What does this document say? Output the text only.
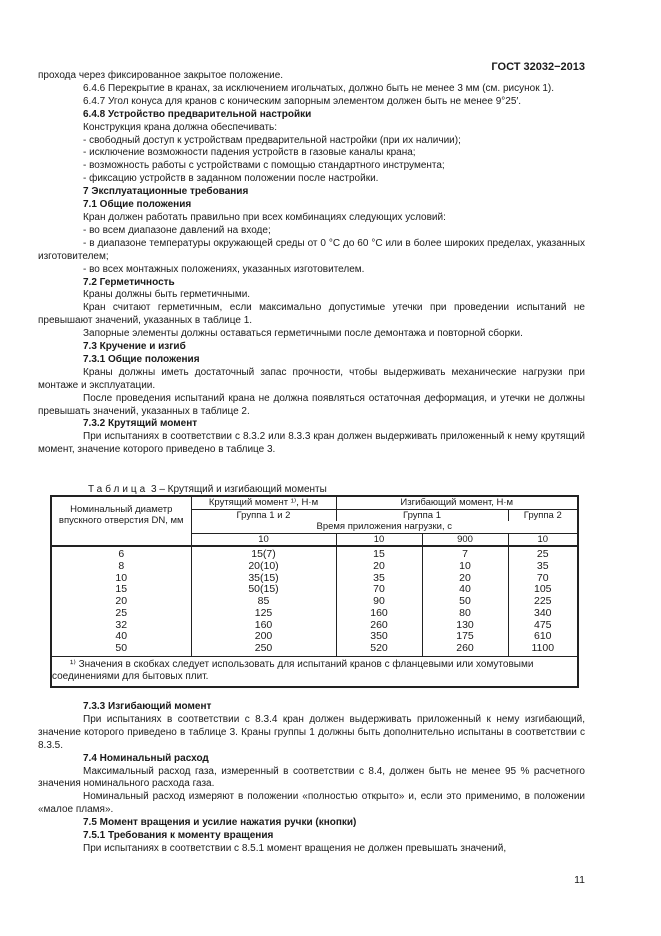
ГОСТ 32032−2013

прохода через фиксированное закрытое положение.

6.4.6 Перекрытие в кранах, за исключением игольчатых, должно быть не менее 3 мм (см. рисунок 1).

6.4.7 Угол конуса для кранов с коническим запорным элементом должен быть не менее 9°25′.

6.4.8 Устройство предварительной настройки

Конструкция крана должна обеспечивать:

- свободный доступ к устройствам предварительной настройки (при их наличии);

- исключение возможности падения устройств в газовые каналы крана;

- возможность работы с устройствами с помощью стандартного инструмента;

- фиксацию устройств в заданном положении после настройки.

7 Эксплуатационные требования

7.1 Общие положения

Кран должен работать правильно при всех комбинациях следующих условий:

- во всем диапазоне давлений на входе;

- в диапазоне температуры окружающей среды от 0 °С до 60 °С или в более широких пределах, указанных изготовителем;

- во всех монтажных положениях, указанных изготовителем.

7.2 Герметичность

Краны должны быть герметичными.

Кран считают герметичным, если максимально допустимые утечки при проведении испытаний не превышают значений, указанных в таблице 1.

Запорные элементы должны оставаться герметичными после демонтажа и повторной сборки.

7.3 Кручение и изгиб

7.3.1 Общие положения

Краны должны иметь достаточный запас прочности, чтобы выдерживать механические нагрузки при монтаже и эксплуатации.

После проведения испытаний крана не должна появляться остаточная деформация, и утечки не должны превышать значений, указанных в таблице 2.

7.3.2 Крутящий момент

При испытаниях в соответствии с 8.3.2 или 8.3.3 кран должен выдерживать приложенный к нему крутящий момент, значение которого приведено в таблице 3.

Таблица 3 – Крутящий и изгибающий моменты
Номинальный диаметр впускного отверстия DN, мм	Крутящий момент ¹⁾, Н·м	Изгибающий момент, Н·м		
	Группа 1 и 2	Группа 1		Группа 2
	Время приложения нагрузки, с			
	10	10	900	10
6	15(7)	15	7	25
8	20(10)	20	10	35
10	35(15)	35	20	70
15	50(15)	70	40	105
20	85	90	50	225
25	125	160	80	340
32	160	260	130	475
40	200	350	175	610
50	250	520	260	1100
¹⁾ Значения в скобках следует использовать для испытаний кранов с фланцевыми или хомутовыми соединениями для бытовых плит.				

7.3.3 Изгибающий момент

При испытаниях в соответствии с 8.3.4 кран должен выдерживать приложенный к нему изгибающий, значение которого приведено в таблице 3. Краны группы 1 должны быть дополнительно испытаны в соответствии с 8.3.5.

7.4 Номинальный расход

Максимальный расход газа, измеренный в соответствии с 8.4, должен быть не менее 95 % расчетного значения номинального расхода газа.

Номинальный расход измеряют в положении «полностью открыто» и, если это применимо, в положении «малое пламя».

7.5 Момент вращения и усилие нажатия ручки (кнопки)

7.5.1 Требования к моменту вращения

При испытаниях в соответствии с 8.5.1 момент вращения не должен превышать значений,

11
